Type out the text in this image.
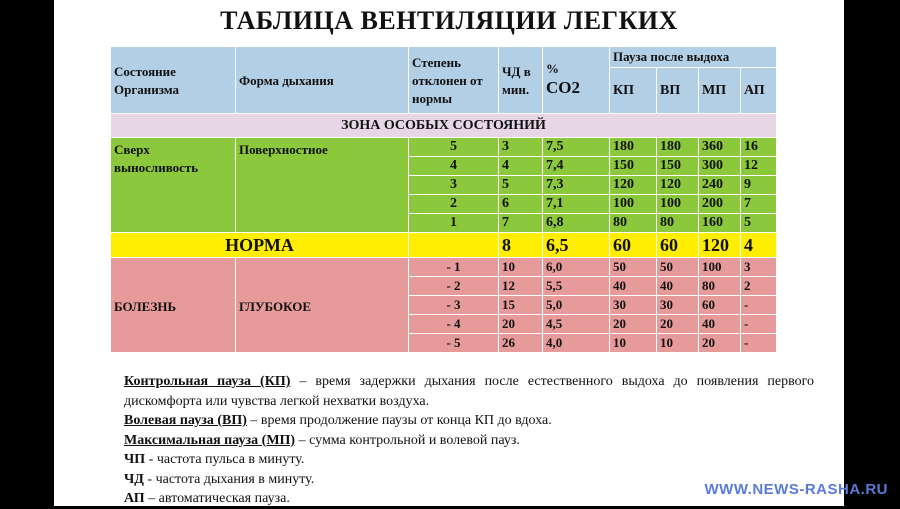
ТАБЛИЦА ВЕНТИЛЯЦИИ ЛЕГКИХ
Состояние Организма	Форма дыхания	Степень отклонен от нормы	ЧД в мин.	%
CO2	Пауза после выдоха			
					КП	ВП	МП	АП
ЗОНА ОСОБЫХ СОСТОЯНИЙ								
Сверх выносливость	Поверхностное	5	3	7,5	180	180	360	16
		4	4	7,4	150	150	300	12
		3	5	7,3	120	120	240	9
		2	6	7,1	100	100	200	7
		1	7	6,8	80	80	160	5
НОРМА			8	6,5	60	60	120	4
БОЛЕЗНЬ	ГЛУБОКОЕ	- 1	10	6,0	50	50	100	3
		- 2	12	5,5	40	40	80	2
		- 3	15	5,0	30	30	60	-
		- 4	20	4,5	20	20	40	-
		- 5	26	4,0	10	10	20	-
Контрольная пауза (КП) – время задержки дыхания после естественного выдоха до появления первого дискомфорта или чувства легкой нехватки воздуха.
Волевая пауза (ВП) – время продолжение паузы от конца КП до вдоха.
Максимальная пауза (МП) – сумма контрольной и волевой пауз.
ЧП - частота пульса в минуту.
ЧД - частота дыхания в минуту.
АП – автоматическая пауза.	WWW.NEWS-RASHA.RU
